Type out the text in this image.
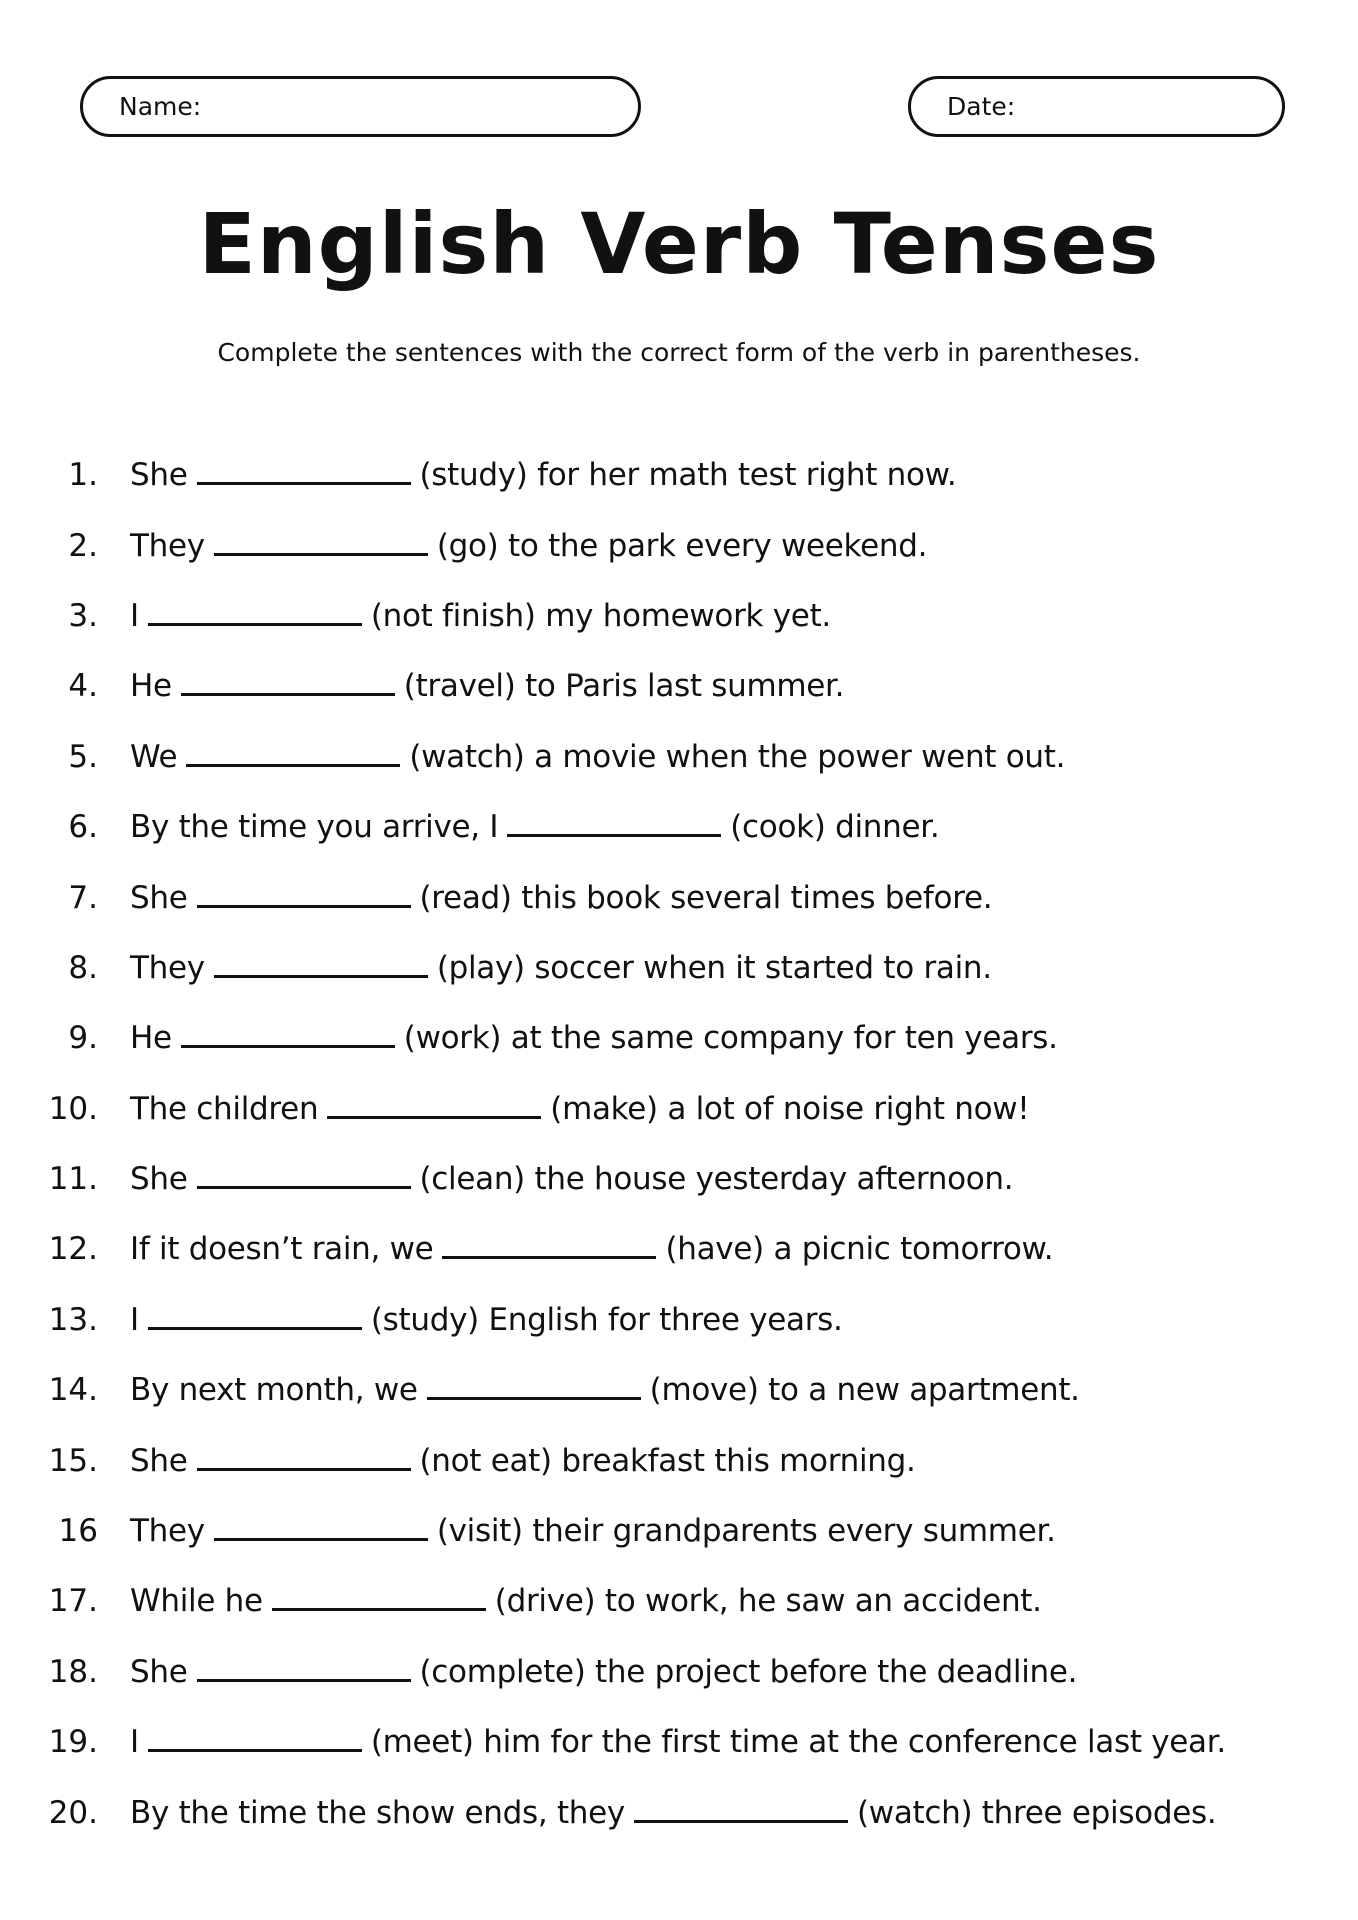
Name:	Date:
English Verb Tenses

Complete the sentences with the correct form of the verb in parentheses.

1.	She	(study) for her math test right now.
2.	They	(go) to the park every weekend.
3.	I	(not finish) my homework yet.
4.	He	(travel) to Paris last summer.
5.	We	(watch) a movie when the power went out.
6.	By the time you arrive, I	(cook) dinner.
7.	She	(read) this book several times before.
8.	They	(play) soccer when it started to rain.
9.	He	(work) at the same company for ten years.
10.	The children	(make) a lot of noise right now!
11.	She	(clean) the house yesterday afternoon.
12.	If it doesn’t rain, we	(have) a picnic tomorrow.
13.	I	(study) English for three years.
14.	By next month, we	(move) to a new apartment.
15.	She	(not eat) breakfast this morning.
16	They	(visit) their grandparents every summer.
17.	While he	(drive) to work, he saw an accident.
18.	She	(complete) the project before the deadline.
19.	I	(meet) him for the first time at the conference last year.
20.	By the time the show ends, they	(watch) three episodes.
